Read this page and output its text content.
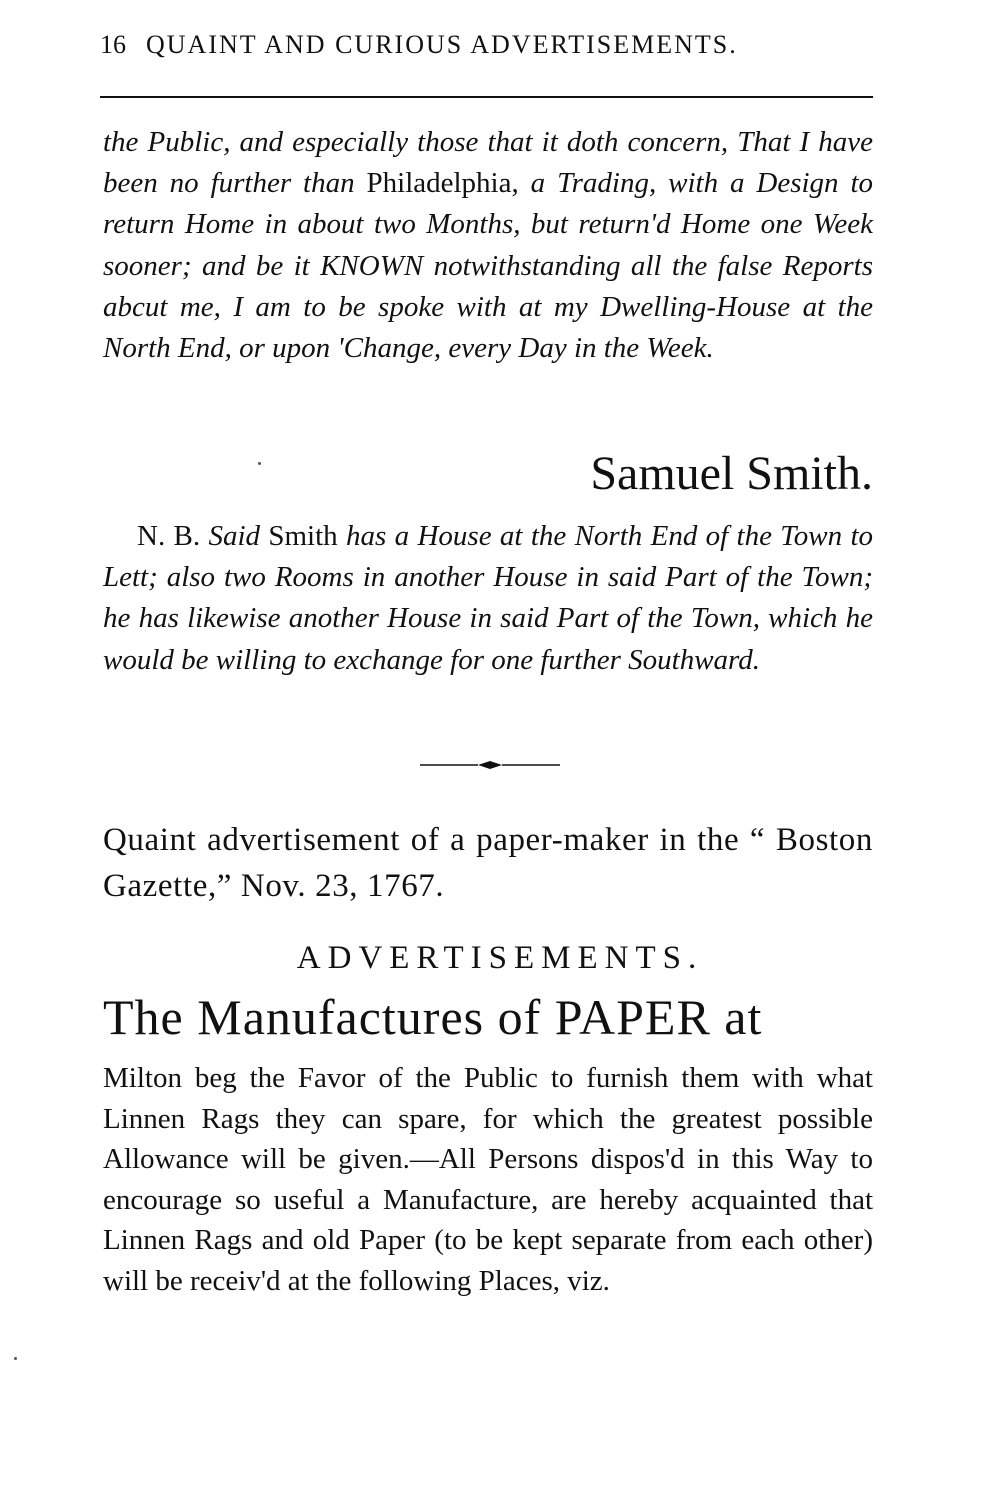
16 QUAINT AND CURIOUS ADVERTISEMENTS.

the Public, and especially those that it doth concern, That I have been no further than Philadelphia, a Trading, with a Design to return Home in about two Months, but return'd Home one Week sooner; and be it KNOWN notwithstanding all the false Reports abcut me, I am to be spoke with at my Dwelling-House at the North End, or upon 'Change, every Day in the Week.

Samuel Smith.

N. B. Said Smith has a House at the North End of the Town to Lett; also two Rooms in another House in said Part of the Town; he has likewise another House in said Part of the Town, which he would be willing to exchange for one further Southward.

Quaint advertisement of a paper-maker in the “ Boston Gazette,” Nov. 23, 1767.

ADVERTISEMENTS.
The Manufactures of PAPER at

Milton beg the Favor of the Public to furnish them with what Linnen Rags they can spare, for which the greatest possible Allowance will be given.—All Persons dispos'd in this Way to encourage so useful a Manufacture, are hereby acquainted that Linnen Rags and old Paper (to be kept separate from each other) will be receiv'd at the following Places, viz.
